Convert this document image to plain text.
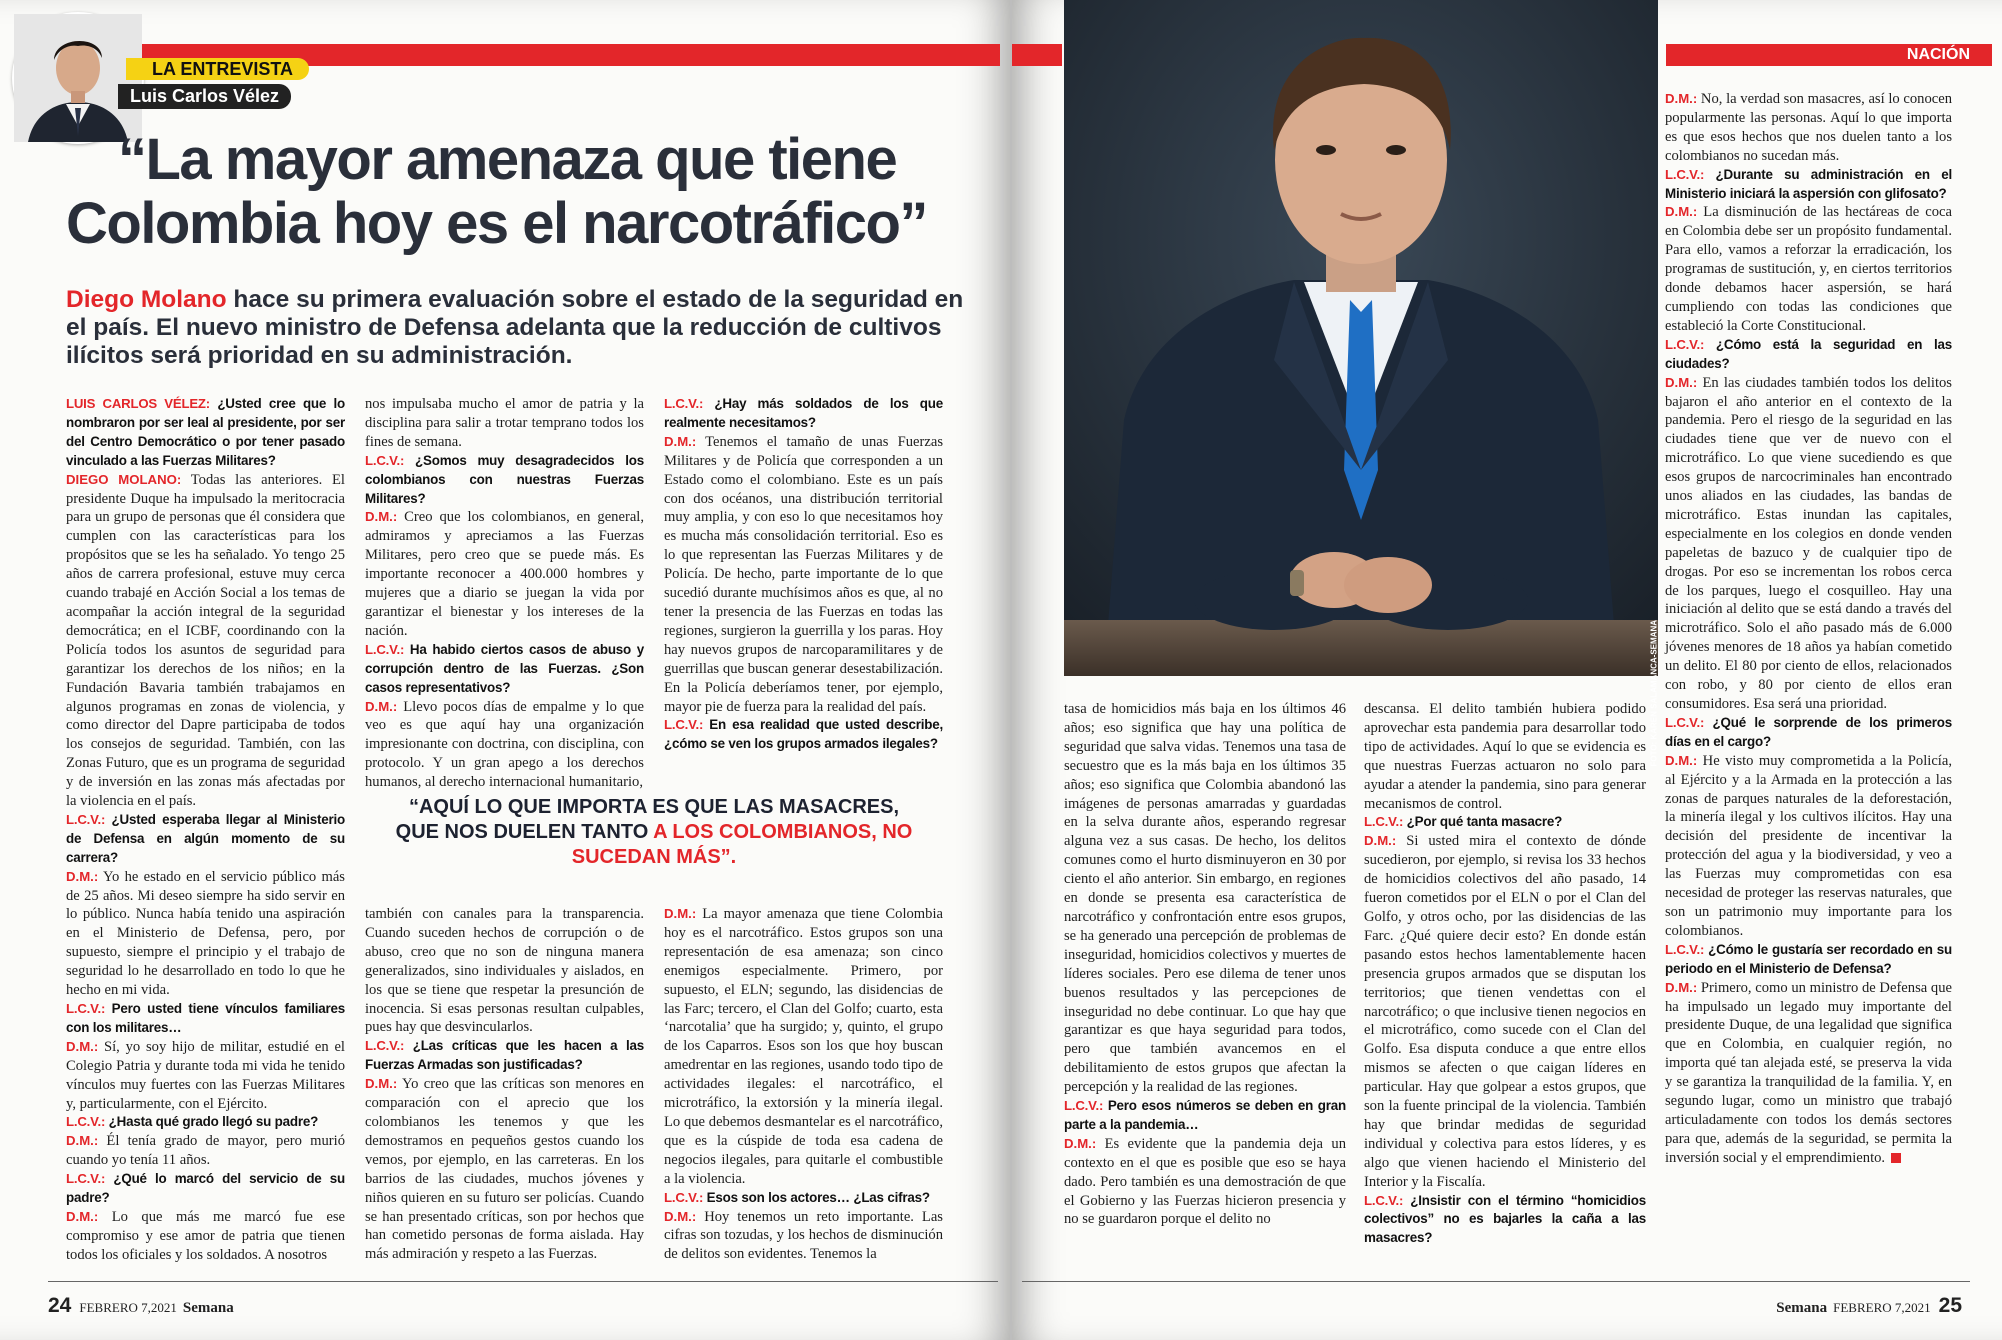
LA ENTREVISTA
Luis Carlos Vélez
“La mayor amenaza que tiene
Colombia hoy es el narcotráfico”
Diego Molano hace su primera evaluación sobre el estado de la seguridad en el país. El nuevo ministro de Defensa adelanta que la reducción de cultivos ilícitos será prioridad en su administración.

LUIS CARLOS VÉLEZ: ¿Usted cree que lo nombraron por ser leal al presidente, por ser del Centro Democrático o por tener pasado vinculado a las Fuerzas Militares?

DIEGO MOLANO: Todas las anteriores. El presidente Duque ha impulsado la meritocracia para un grupo de personas que él considera que cumplen con las características para los propósitos que se les ha señalado. Yo tengo 25 años de carrera profesional, estuve muy cerca cuando trabajé en Acción Social a los temas de acompañar la acción integral de la seguridad democrática; en el ICBF, coordinando con la Policía todos los asuntos de seguridad para garantizar los derechos de los niños; en la Fundación Bavaria también trabajamos en algunos programas en zonas de violencia, y como director del Dapre participaba de todos los consejos de seguridad. También, con las Zonas Futuro, que es un programa de seguridad y de inversión en las zonas más afectadas por la violencia en el país.

L.C.V.: ¿Usted esperaba llegar al Ministerio de Defensa en algún momento de su carrera?

D.M.: Yo he estado en el servicio público más de 25 años. Mi deseo siempre ha sido servir en lo público. Nunca había tenido una aspiración en el Ministerio de Defensa, pero, por supuesto, siempre el principio y el trabajo de seguridad lo he desarrollado en todo lo que he hecho en mi vida.

L.C.V.: Pero usted tiene vínculos familiares con los militares…

D.M.: Sí, yo soy hijo de militar, estudié en el Colegio Patria y durante toda mi vida he tenido vínculos muy fuertes con las Fuerzas Militares y, particularmente, con el Ejército.

L.C.V.: ¿Hasta qué grado llegó su padre?

D.M.: Él tenía grado de mayor, pero murió cuando yo tenía 11 años.

L.C.V.: ¿Qué lo marcó del servicio de su padre?

D.M.: Lo que más me marcó fue ese compromiso y ese amor de patria que tienen todos los oficiales y los soldados. A nosotros

nos impulsaba mucho el amor de patria y la disciplina para salir a trotar temprano todos los fines de semana.

L.C.V.: ¿Somos muy desagradecidos los colombianos con nuestras Fuerzas Militares?

D.M.: Creo que los colombianos, en general, admiramos y apreciamos a las Fuerzas Militares, pero creo que se puede más. Es importante reconocer a 400.000 hombres y mujeres que a diario se juegan la vida por garantizar el bienestar y los intereses de la nación.

L.C.V.: Ha habido ciertos casos de abuso y corrupción dentro de las Fuerzas. ¿Son casos representativos?

D.M.: Llevo pocos días de empalme y lo que veo es que aquí hay una organización impresionante con doctrina, con disciplina, con protocolo. Y un gran apego a los derechos humanos, al derecho internacional humanitario,

L.C.V.: ¿Hay más soldados de los que realmente necesitamos?

D.M.: Tenemos el tamaño de unas Fuerzas Militares y de Policía que corresponden a un Estado como el colombiano. Este es un país con dos océanos, una distribución territorial muy amplia, y con eso lo que necesitamos hoy es mucha más consolidación territorial. Eso es lo que representan las Fuerzas Militares y de Policía. De hecho, parte importante de lo que sucedió durante muchísimos años es que, al no tener la presencia de las Fuerzas en todas las regiones, surgieron la guerrilla y los paras. Hoy hay nuevos grupos de narcoparamilitares y de guerrillas que buscan generar desestabilización. En la Policía deberíamos tener, por ejemplo, mayor pie de fuerza para la realidad del país.

L.C.V.: En esa realidad que usted describe, ¿cómo se ven los grupos armados ilegales?

“AQUÍ LO QUE IMPORTA ES QUE LAS MASACRES, QUE NOS DUELEN TANTO A LOS COLOMBIANOS, NO SUCEDAN MÁS”.

también con canales para la transparencia. Cuando suceden hechos de corrupción o de abuso, creo que no son de ninguna manera generalizados, sino individuales y aislados, en los que se tiene que respetar la presunción de inocencia. Si esas personas resultan culpables, pues hay que desvincularlos.

L.C.V.: ¿Las críticas que les hacen a las Fuerzas Armadas son justificadas?

D.M.: Yo creo que las críticas son menores en comparación con el aprecio que los colombianos les tenemos y que les demostramos en pequeños gestos cuando los vemos, por ejemplo, en las carreteras. En los barrios de las ciudades, muchos jóvenes y niños quieren en su futuro ser policías. Cuando se han presentado críticas, son por hechos que han cometido personas de forma aislada. Hay más admiración y respeto a las Fuerzas.

D.M.: La mayor amenaza que tiene Colombia hoy es el narcotráfico. Estos grupos son una representación de esa amenaza; son cinco enemigos especialmente. Primero, por supuesto, el ELN; segundo, las disidencias de las Farc; tercero, el Clan del Golfo; cuarto, esta ‘narcotalia’ que ha surgido; y, quinto, el grupo de los Caparros. Esos son los que hoy buscan amedrentar en las regiones, usando todo tipo de actividades ilegales: el narcotráfico, el microtráfico, la extorsión y la minería ilegal. Lo que debemos desmantelar es el narcotráfico, que es la cúspide de toda esa cadena de negocios ilegales, para quitarle el combustible a la violencia.

L.C.V.: Esos son los actores… ¿Las cifras?

D.M.: Hoy tenemos un reto importante. Las cifras son tozudas, y los hechos de disminución de delitos son evidentes. Tenemos la

24 FEBRERO 7,2021 Semana
FOTO: KAREN SALAMANCA-SEMANA
NACIÓN

tasa de homicidios más baja en los últimos 46 años; eso significa que hay una política de seguridad que salva vidas. Tenemos una tasa de secuestro que es la más baja en los últimos 35 años; eso significa que Colombia abandonó las imágenes de personas amarradas y guardadas en la selva durante años, esperando regresar alguna vez a sus casas. De hecho, los delitos comunes como el hurto disminuyeron en 30 por ciento el año anterior. Sin embargo, en regiones en donde se presenta esa característica de narcotráfico y confrontación entre esos grupos, se ha generado una percepción de problemas de inseguridad, homicidios colectivos y muertes de líderes sociales. Pero ese dilema de tener unos buenos resultados y las percepciones de inseguridad no debe continuar. Lo que hay que garantizar es que haya seguridad para todos, pero que también avancemos en el debilitamiento de estos grupos que afectan la percepción y la realidad de las regiones.

L.C.V.: Pero esos números se deben en gran parte a la pandemia…

D.M.: Es evidente que la pandemia deja un contexto en el que es posible que eso se haya dado. Pero también es una demostración de que el Gobierno y las Fuerzas hicieron presencia y no se guardaron porque el delito no

descansa. El delito también hubiera podido aprovechar esta pandemia para desarrollar todo tipo de actividades. Aquí lo que se evidencia es que nuestras Fuerzas actuaron no solo para ayudar a atender la pandemia, sino para generar mecanismos de control.

L.C.V.: ¿Por qué tanta masacre?

D.M.: Si usted mira el contexto de dónde sucedieron, por ejemplo, si revisa los 33 hechos de homicidios colectivos del año pasado, 14 fueron cometidos por el ELN o por el Clan del Golfo, y otros ocho, por las disidencias de las Farc. ¿Qué quiere decir esto? En donde están pasando estos hechos lamentablemente hacen presencia grupos armados que se disputan los territorios; que tienen vendettas con el narcotráfico; o que inclusive tienen negocios en el microtráfico, como sucede con el Clan del Golfo. Esa disputa conduce a que entre ellos mismos se afecten o que caigan líderes en particular. Hay que golpear a estos grupos, que son la fuente principal de la violencia. También hay que brindar medidas de seguridad individual y colectiva para estos líderes, y es algo que vienen haciendo el Ministerio del Interior y la Fiscalía.

L.C.V.: ¿Insistir con el término “homicidios colectivos” no es bajarles la caña a las masacres?

D.M.: No, la verdad son masacres, así lo conocen popularmente las personas. Aquí lo que importa es que esos hechos que nos duelen tanto a los colombianos no sucedan más.

L.C.V.: ¿Durante su administración en el Ministerio iniciará la aspersión con glifosato?

D.M.: La disminución de las hectáreas de coca en Colombia debe ser un propósito fundamental. Para ello, vamos a reforzar la erradicación, los programas de sustitución, y, en ciertos territorios donde debamos hacer aspersión, se hará cumpliendo con todas las condiciones que estableció la Corte Constitucional.

L.C.V.: ¿Cómo está la seguridad en las ciudades?

D.M.: En las ciudades también todos los delitos bajaron el año anterior en el contexto de la pandemia. Pero el riesgo de la seguridad en las ciudades tiene que ver de nuevo con el microtráfico. Lo que viene sucediendo es que esos grupos de narcocriminales han encontrado unos aliados en las ciudades, las bandas de microtráfico. Estas inundan las capitales, especialmente en los colegios en donde venden papeletas de bazuco y de cualquier tipo de drogas. Por eso se incrementan los robos cerca de los parques, luego el cosquilleo. Hay una iniciación al delito que se está dando a través del microtráfico. Solo el año pasado más de 6.000 jóvenes menores de 18 años ya habían cometido un delito. El 80 por ciento de ellos, relacionados con robo, y 80 por ciento de ellos eran consumidores. Esa será una prioridad.

L.C.V.: ¿Qué le sorprende de los primeros días en el cargo?

D.M.: He visto muy comprometida a la Policía, al Ejército y a la Armada en la protección a las zonas de parques naturales de la deforestación, la minería ilegal y los cultivos ilícitos. Hay una decisión del presidente de incentivar la protección del agua y la biodiversidad, y veo a las Fuerzas muy comprometidas con esa necesidad de proteger las reservas naturales, que son un patrimonio muy importante para los colombianos.

L.C.V.: ¿Cómo le gustaría ser recordado en su periodo en el Ministerio de Defensa?

D.M.: Primero, como un ministro de Defensa que ha impulsado un legado muy importante del presidente Duque, de una legalidad que significa que en Colombia, en cualquier región, no importa qué tan alejada esté, se preserva la vida y se garantiza la tranquilidad de la familia. Y, en segundo lugar, como un ministro que trabajó articuladamente con todos los demás sectores para que, además de la seguridad, se permita la inversión social y el emprendimiento.

Semana FEBRERO 7,2021 25
